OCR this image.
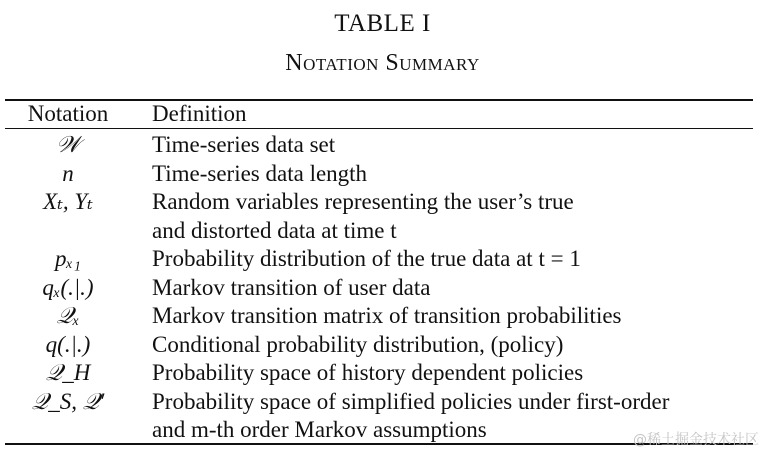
TABLE I
Notation Summary
Notation	Definition
𝒲	Time-series data set
n	Time-series data length
Xₜ, Yₜ	Random variables representing the user’s true
and distorted data at time t
pₓ₁	Probability distribution of the true data at t = 1
qₓ(.|.)	Markov transition of user data
𝒬ₓ	Markov transition matrix of transition probabilities
q(.|.)	Conditional probability distribution, (policy)
𝒬_H	Probability space of history dependent policies
𝒬_S, 𝒬′	Probability space of simplified policies under first-order
and m-th order Markov assumptions	@稀土掘金技术社区
